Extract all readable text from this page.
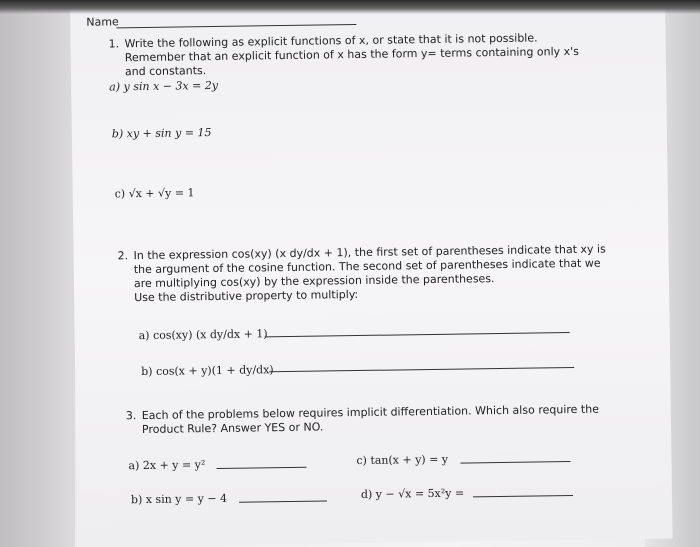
Name
1. Write the following as explicit functions of x, or state that it is not possible.
Remember that an explicit function of x has the form y= terms containing only x's
and constants.
a) y sin x − 3x = 2y
b) xy + sin y = 15
c) √x + √y = 1
2. In the expression cos(xy) (x dy/dx + 1), the first set of parentheses indicate that xy is
the argument of the cosine function. The second set of parentheses indicate that we
are multiplying cos(xy) by the expression inside the parentheses.
Use the distributive property to multiply:
a) cos(xy) (x dy/dx + 1)
b) cos(x + y)(1 + dy/dx)
3. Each of the problems below requires implicit differentiation. Which also require the
Product Rule? Answer YES or NO.
a) 2x + y = y²	c) tan(x + y) = y
b) x sin y = y − 4	d) y − √x = 5x²y =
